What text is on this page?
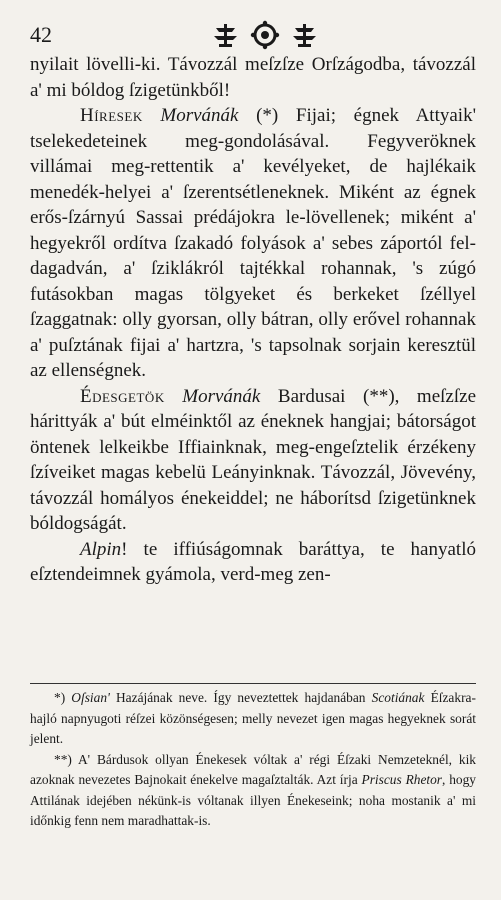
42

nyilait lövelli-ki. Távozzál meſzſze Orſzágodba, távozzál a' mi bóldog ſzigetünkből!

Híresek Morvánák (*) Fijai; égnek Attyaik' tselekedeteinek meg-gondolásával. Fegyveröknek villámai meg-rettentik a' kevélyeket, de hajlékaik menedék-helyei a' ſzerentsétleneknek. Miként az égnek erős-ſzárnyú Sassai prédájokra le-lövellenek; miként a' hegyekről ordítva ſzakadó folyások a' sebes záportól fel-dagadván, a' ſziklákról tajtékkal rohannak, 's zúgó futásokban magas tölgyeket és berkeket ſzéllyel ſzaggatnak: olly gyorsan, olly bátran, olly erővel rohannak a' puſztának fijai a' hartzra, 's tapsolnak sorjain keresztül az ellenségnek.

Édesgetök Morvánák Bardusai (**), meſzſze hárittyák a' bút elméinktől az éneknek hangjai; bátorságot öntenek lelkeikbe Iffiainknak, meg-engeſztelik érzékeny ſzíveiket magas kebelü Leányinknak. Távozzál, Jövevény, távozzál homályos énekeiddel; ne háborítsd ſzigetünknek bóldogságát.

Alpin! te iffiúságomnak baráttya, te hanyatló eſztendeimnek gyámola, verd-meg zen-

*) Oſsian' Hazájának neve. Így neveztettek hajdanában Scotiának Éſzakra-hajló napnyugoti réſzei közönségesen; melly nevezet igen magas hegyeknek sorát jelent.

**) A' Bárdusok ollyan Énekesek vóltak a' régi Éſzaki Nemzeteknél, kik azoknak nevezetes Bajnokait énekelve magaſztalták. Azt írja Priscus Rhetor, hogy Attilának idejében nékünk-is vóltanak illyen Énekeseink; noha mostanik a' mi időnkig fenn nem maradhattak-is.
